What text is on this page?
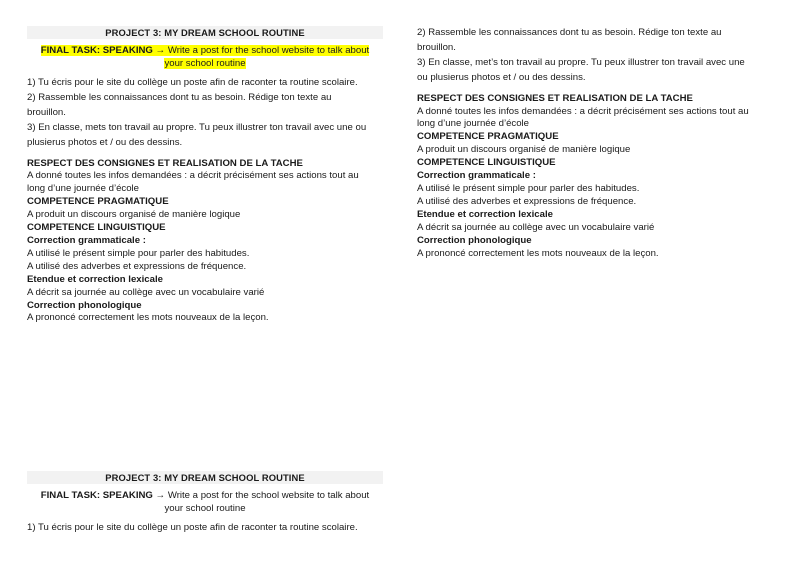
PROJECT 3: MY DREAM SCHOOL ROUTINE
FINAL TASK: SPEAKING → Write a post for the school website to talk about
your school routine

1) Tu écris pour le site du collège un poste afin de raconter ta routine scolaire.

2) Rassemble les connaissances dont tu as besoin. Rédige ton texte au

brouillon.

3) En classe, mets ton travail au propre. Tu peux illustrer ton travail avec une ou

plusierus photos et / ou des dessins.

RESPECT DES CONSIGNES ET REALISATION DE LA TACHE

A donné toutes les infos demandées : a décrit précisément ses actions tout au

long d’une journée d’école

COMPETENCE PRAGMATIQUE

A produit un discours organisé de manière logique

COMPETENCE LINGUISTIQUE

Correction grammaticale :

A utilisé le présent simple pour parler des habitudes.

A utilisé des adverbes et expressions de fréquence.

Etendue et correction lexicale

A décrit sa journée au collège avec un vocabulaire varié

Correction phonologique

A prononcé correctement les mots nouveaux de la leçon.

2) Rassemble les connaissances dont tu as besoin. Rédige ton texte au

brouillon.

3) En classe, met’s ton travail au propre. Tu peux illustrer ton travail avec une

ou plusierus photos et / ou des dessins.

RESPECT DES CONSIGNES ET REALISATION DE LA TACHE

A donné toutes les infos demandées : a décrit précisément ses actions tout au

long d’une journée d’école

COMPETENCE PRAGMATIQUE

A produit un discours organisé de manière logique

COMPETENCE LINGUISTIQUE

Correction grammaticale :

A utilisé le présent simple pour parler des habitudes.

A utilisé des adverbes et expressions de fréquence.

Etendue et correction lexicale

A décrit sa journée au collège avec un vocabulaire varié

Correction phonologique

A prononcé correctement les mots nouveaux de la leçon.

PROJECT 3: MY DREAM SCHOOL ROUTINE
FINAL TASK: SPEAKING → Write a post for the school website to talk about
your school routine

1) Tu écris pour le site du collège un poste afin de raconter ta routine scolaire.
